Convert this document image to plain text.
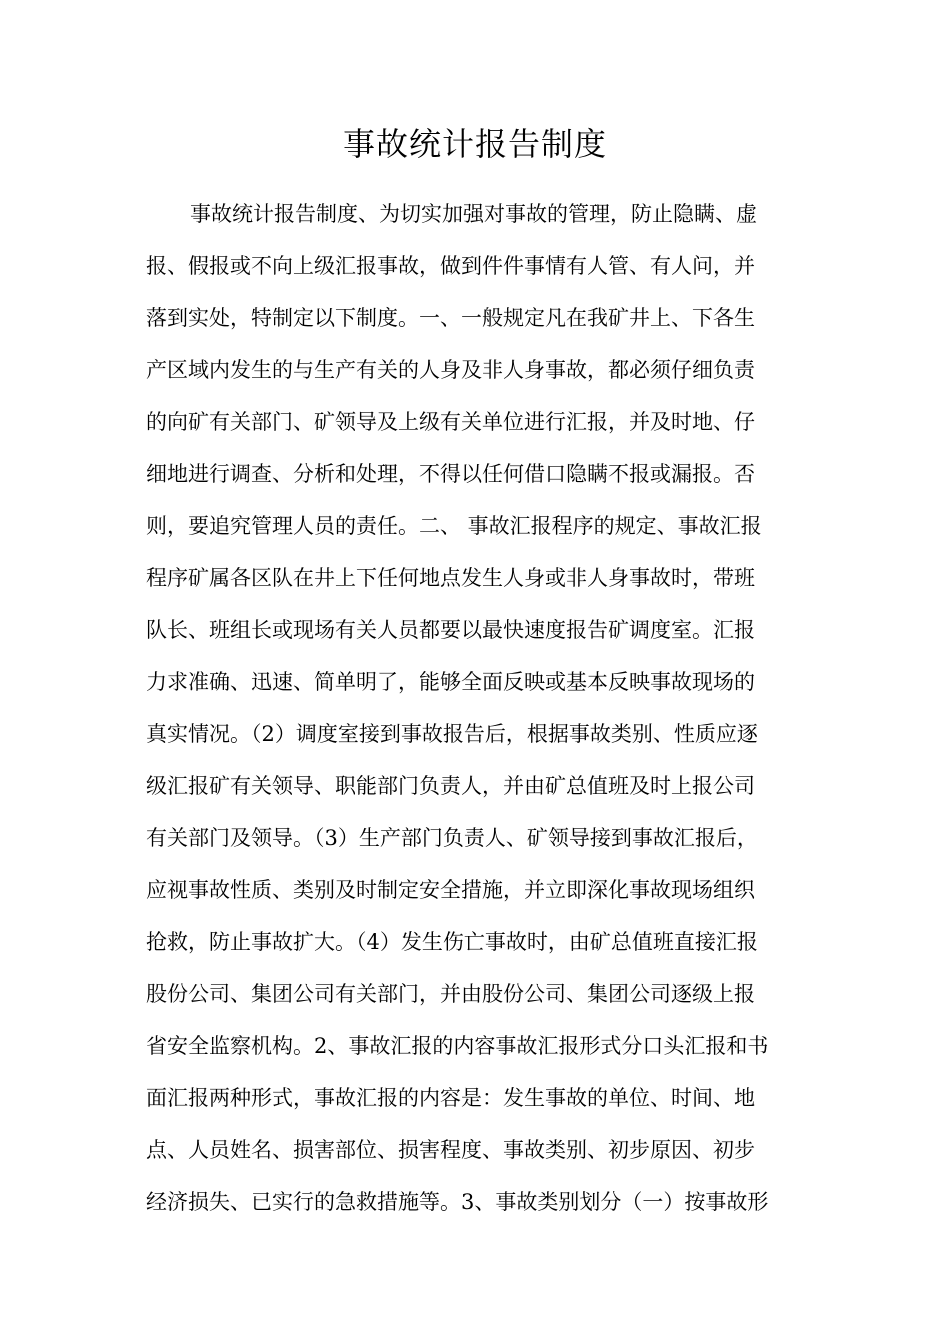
事故统计报告制度
事故统计报告制度、为切实加强对事故的管理，防止隐瞒、虚
报、假报或不向上级汇报事故，做到件件事情有人管、有人问，并
落到实处，特制定以下制度。一、一般规定凡在我矿井上、下各生
产区域内发生的与生产有关的人身及非人身事故，都必须仔细负责
的向矿有关部门、矿领导及上级有关单位进行汇报，并及时地、仔
细地进行调查、分析和处理，不得以任何借口隐瞒不报或漏报。否
则，要追究管理人员的责任。二、 事故汇报程序的规定、事故汇报
程序矿属各区队在井上下任何地点发生人身或非人身事故时，带班
队长、班组长或现场有关人员都要以最快速度报告矿调度室。汇报
力求准确、迅速、简单明了，能够全面反映或基本反映事故现场的
真实情况。（2）调度室接到事故报告后，根据事故类别、性质应逐
级汇报矿有关领导、职能部门负责人，并由矿总值班及时上报公司
有关部门及领导。（3）生产部门负责人、矿领导接到事故汇报后，
应视事故性质、类别及时制定安全措施，并立即深化事故现场组织
抢救，防止事故扩大。（4）发生伤亡事故时，由矿总值班直接汇报
股份公司、集团公司有关部门，并由股份公司、集团公司逐级上报
省安全监察机构。2、事故汇报的内容事故汇报形式分口头汇报和书
面汇报两种形式，事故汇报的内容是：发生事故的单位、时间、地
点、人员姓名、损害部位、损害程度、事故类别、初步原因、初步
经济损失、已实行的急救措施等。3、事故类别划分（一）按事故形
